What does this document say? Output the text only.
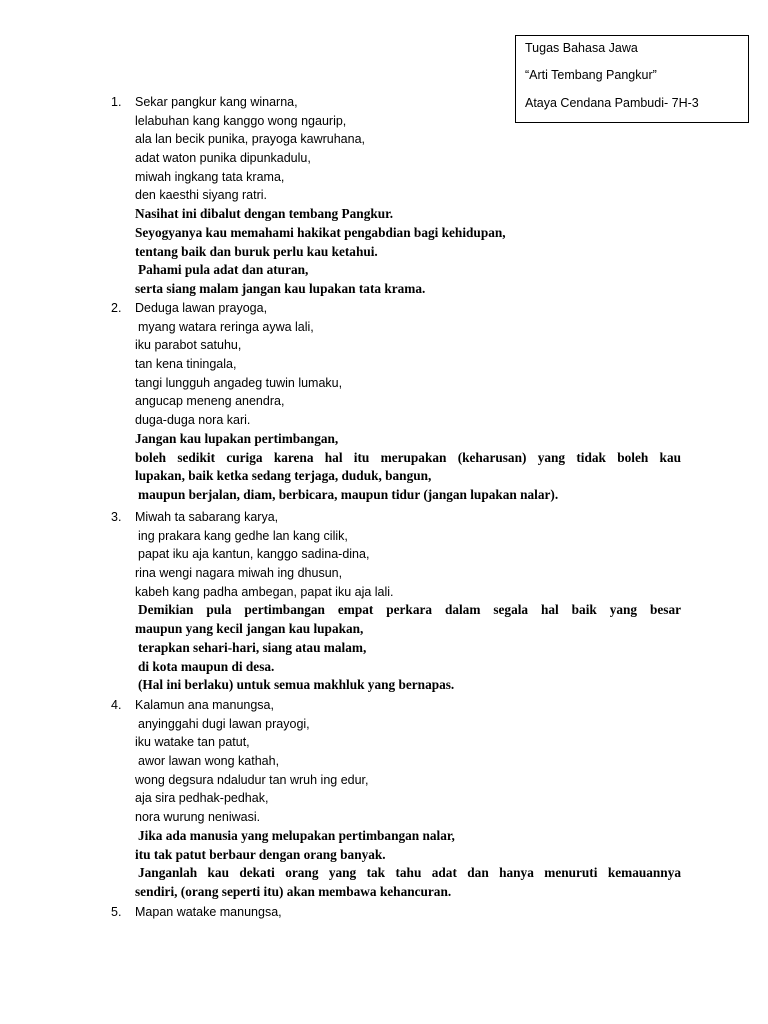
Tugas Bahasa Jawa
“Arti Tembang Pangkur”
Ataya Cendana Pambudi- 7H-3
1. Sekar pangkur kang winarna,
lelabuhan kang kanggo wong ngaurip,
ala lan becik punika, prayoga kawruhana,
adat waton punika dipunkadulu,
miwah ingkang tata krama,
den kaesthi siyang ratri.
Nasihat ini dibalut dengan tembang Pangkur.
Seyogyanya kau memahami hakikat pengabdian bagi kehidupan,
tentang baik dan buruk perlu kau ketahui.
Pahami pula adat dan aturan,
serta siang malam jangan kau lupakan tata krama.
2. Deduga lawan prayoga,
myang watara reringa aywa lali,
iku parabot satuhu,
tan kena tiningala,
tangi lungguh angadeg tuwin lumaku,
angucap meneng anendra,
duga-duga nora kari.
Jangan kau lupakan pertimbangan,
boleh sedikit curiga karena hal itu merupakan (keharusan) yang tidak boleh kau
lupakan, baik ketka sedang terjaga, duduk, bangun,
maupun berjalan, diam, berbicara, maupun tidur (jangan lupakan nalar).
3. Miwah ta sabarang karya,
ing prakara kang gedhe lan kang cilik,
papat iku aja kantun, kanggo sadina-dina,
rina wengi nagara miwah ing dhusun,
kabeh kang padha ambegan, papat iku aja lali.
Demikian pula pertimbangan empat perkara dalam segala hal baik yang besar
maupun yang kecil jangan kau lupakan,
terapkan sehari-hari, siang atau malam,
di kota maupun di desa.
(Hal ini berlaku) untuk semua makhluk yang bernapas.
4. Kalamun ana manungsa,
anyinggahi dugi lawan prayogi,
iku watake tan patut,
awor lawan wong kathah,
wong degsura ndaludur tan wruh ing edur,
aja sira pedhak-pedhak,
nora wurung neniwasi.
Jika ada manusia yang melupakan pertimbangan nalar,
itu tak patut berbaur dengan orang banyak.
Janganlah kau dekati orang yang tak tahu adat dan hanya menuruti kemauannya
sendiri, (orang seperti itu) akan membawa kehancuran.
5. Mapan watake manungsa,
